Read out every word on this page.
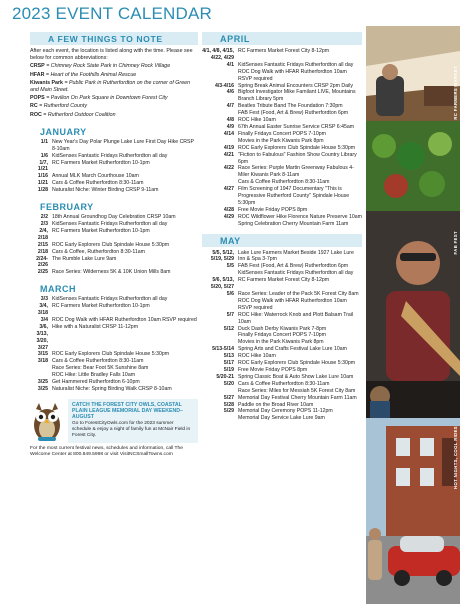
2023 EVENT CALENDAR
A FEW THINGS TO NOTE

After each event, the location is listed along with the time. Please see below for common abbreviations:

CRSP = Chimney Rock State Park in Chimney Rock Village

HFAR = Heart of the Foothills Animal Rescue

Kiwanis Park = Public Park in Rutherfordton on the corner of Green and Main Street.

POPS = Pavilion On Park Square in Downtown Forest City

RC = Rutherford County

ROC = Rutherford Outdoor Coalition

JANUARY
1/1 New Year's Day Polar Plunge Lake Lure First Day Hike CRSP 8-10am
1/6 KidSenses Fantastic Fridays Rutherfordton all day
1/7, 1/21
RC Farmers Market Rutherfordton 10-1pm
1/16 Annual MLK March Courthouse 10am
1/21 Cars & Coffee Rutherfordton 8:30-11am
1/28 Naturalist Niche: Winter Birding CRSP 9-11am
FEBRUARY
2/2 18th Annual Groundhog Day Celebration CRSP 10am
2/3 KidSenses Fantastic Fridays Rutherfordton all day
2/4, 2/18
RC Farmers Market Rutherfordton 10-1pm
2/15 ROC Early Explorers Club Spindale House 5:30pm
2/18 Cars & Coffee, Rutherfordton 8:30-11am
2/24-2/26
The Rumble Lake Lure 9am
2/25 Race Series: Wilderness 5K & 10K Union Mills 8am
MARCH
3/3 KidSenses Fantastic Fridays Rutherfordton all day
3/4, 3/18
RC Farmers Market Rutherfordton 10-1pm
3/4 ROC Dog Walk with HFAR Rutherfordton 10am RSVP required
3/6, 3/13, 3/20, 3/27
Hike with a Naturalist CRSP 11-12pm
3/15 ROC Early Explorers Club Spindale House 5:30pm
3/18 Cars & Coffee Rutherfordton 8:30-11am
Race Series: Bear Foot 5K Sunshine 8am
ROC Hike: Little Bradley Falls 10am
3/25 Get Hammered Rutherfordton 6-10pm
3/25 Naturalist Niche: Spring Birding Walk CRSP 8-10am
CATCH THE FOREST CITY OWLS, COASTAL PLAIN LEAGUE MEMORIAL DAY WEEKEND–AUGUST
Go to ForestCityOwls.com for the 2023 summer schedule & enjoy a night of family fun at McNair Field in Forest City.
For the most current festival news, schedules and information, call The Welcome Center at 800.849.5998 or visit VisitNCSmallTowns.com
APRIL
4/1, 4/8, 4/15, 4/22, 4/29
RC Farmers Market Forest City 8-12pm
4/1 KidSenses Fantastic Fridays Rutherfordton all day
ROC Dog Walk with HFAR Rutherfordton 10am RSVP required
4/3-4/16 Spring Break Animal Encounters CRSP 2pm Daily
4/6 Bigfoot Investigator Mike Familant LIVE, Mountains Branch Library 5pm
4/7 Beatles Tribute Band The Foundation 7:30pm
FAB Fest (Food, Art & Brew) Rutherfordton 6pm
4/8 ROC Hike 10am
4/9 67th Annual Easter Sunrise Service CRSP 6:45am
4/14 Finally Fridays Concert POPS 7-10pm
Movies in the Park Kiwanis Park 8pm
4/19 ROC Early Explorers Club Spindale House 5:30pm
4/21 "Fiction to Fabulous" Fashion Show Country Library 6pm
4/22 Race Series: Purple Martin Greenway Fabulous 4-Miler Kiwanis Park 8-11am
Cars & Coffee Rutherfordton 8:30-11am
4/27 Film Screening of 1947 Documentary "This is Progressive Rutherford County" Spindale House 5:30pm
4/28 Free Movie Friday POPS 8pm
4/29 ROC Wildflower Hike Florence Nature Preserve 10am
Spring Celebration Cherry Mountain Farm 11am
MAY
5/5, 5/12, 5/19, 5/29
Lake Lure Farmers Market Beside 1927 Lake Lure Inn & Spa 3-7pm
5/5 FAB Fest (Food, Art & Brew) Rutherfordton 6pm
KidSenses Fantastic Fridays Rutherfordton all day
5/6, 5/13, 5/20, 5/27
RC Farmers Market Forest City 8-12pm
5/6 Race Series: Leader of the Pack 5K Forest City 8am
ROC Dog Walk with HFAR Rutherfordton 10am RSVP required
5/7 ROC Hike: Waterrock Knob and Plott Balsam Trail 10am
5/12 Duck Dash Derby Kiwanis Park 7-8pm
Finally Fridays Concert POPS 7-10pm
Movies in the Park Kiwanis Park 8pm
5/13-5/14 Spring Arts and Crafts Festival Lake Lure 10am
5/13 ROC Hike 10am
5/17 ROC Early Explorers Club Spindale House 5:30pm
5/19 Free Movie Friday POPS 8pm
5/20-21 Spring Classic Boat & Auto Show Lake Lure 10am
5/20 Cars & Coffee Rutherfordton 8:30-11am
Race Series: Miles for Messiah 5K Forest City 8am
5/27 Memorial Day Festival Cherry Mountain Farm 11am
5/28 Paddle on the Broad River 10am
5/29 Memorial Day Ceremony POPS 11-12pm
Memorial Day Service Lake Lure 9am
RC FARMERS MARKET
FAB FEST
HOT NIGHTS, COOL RIDES
